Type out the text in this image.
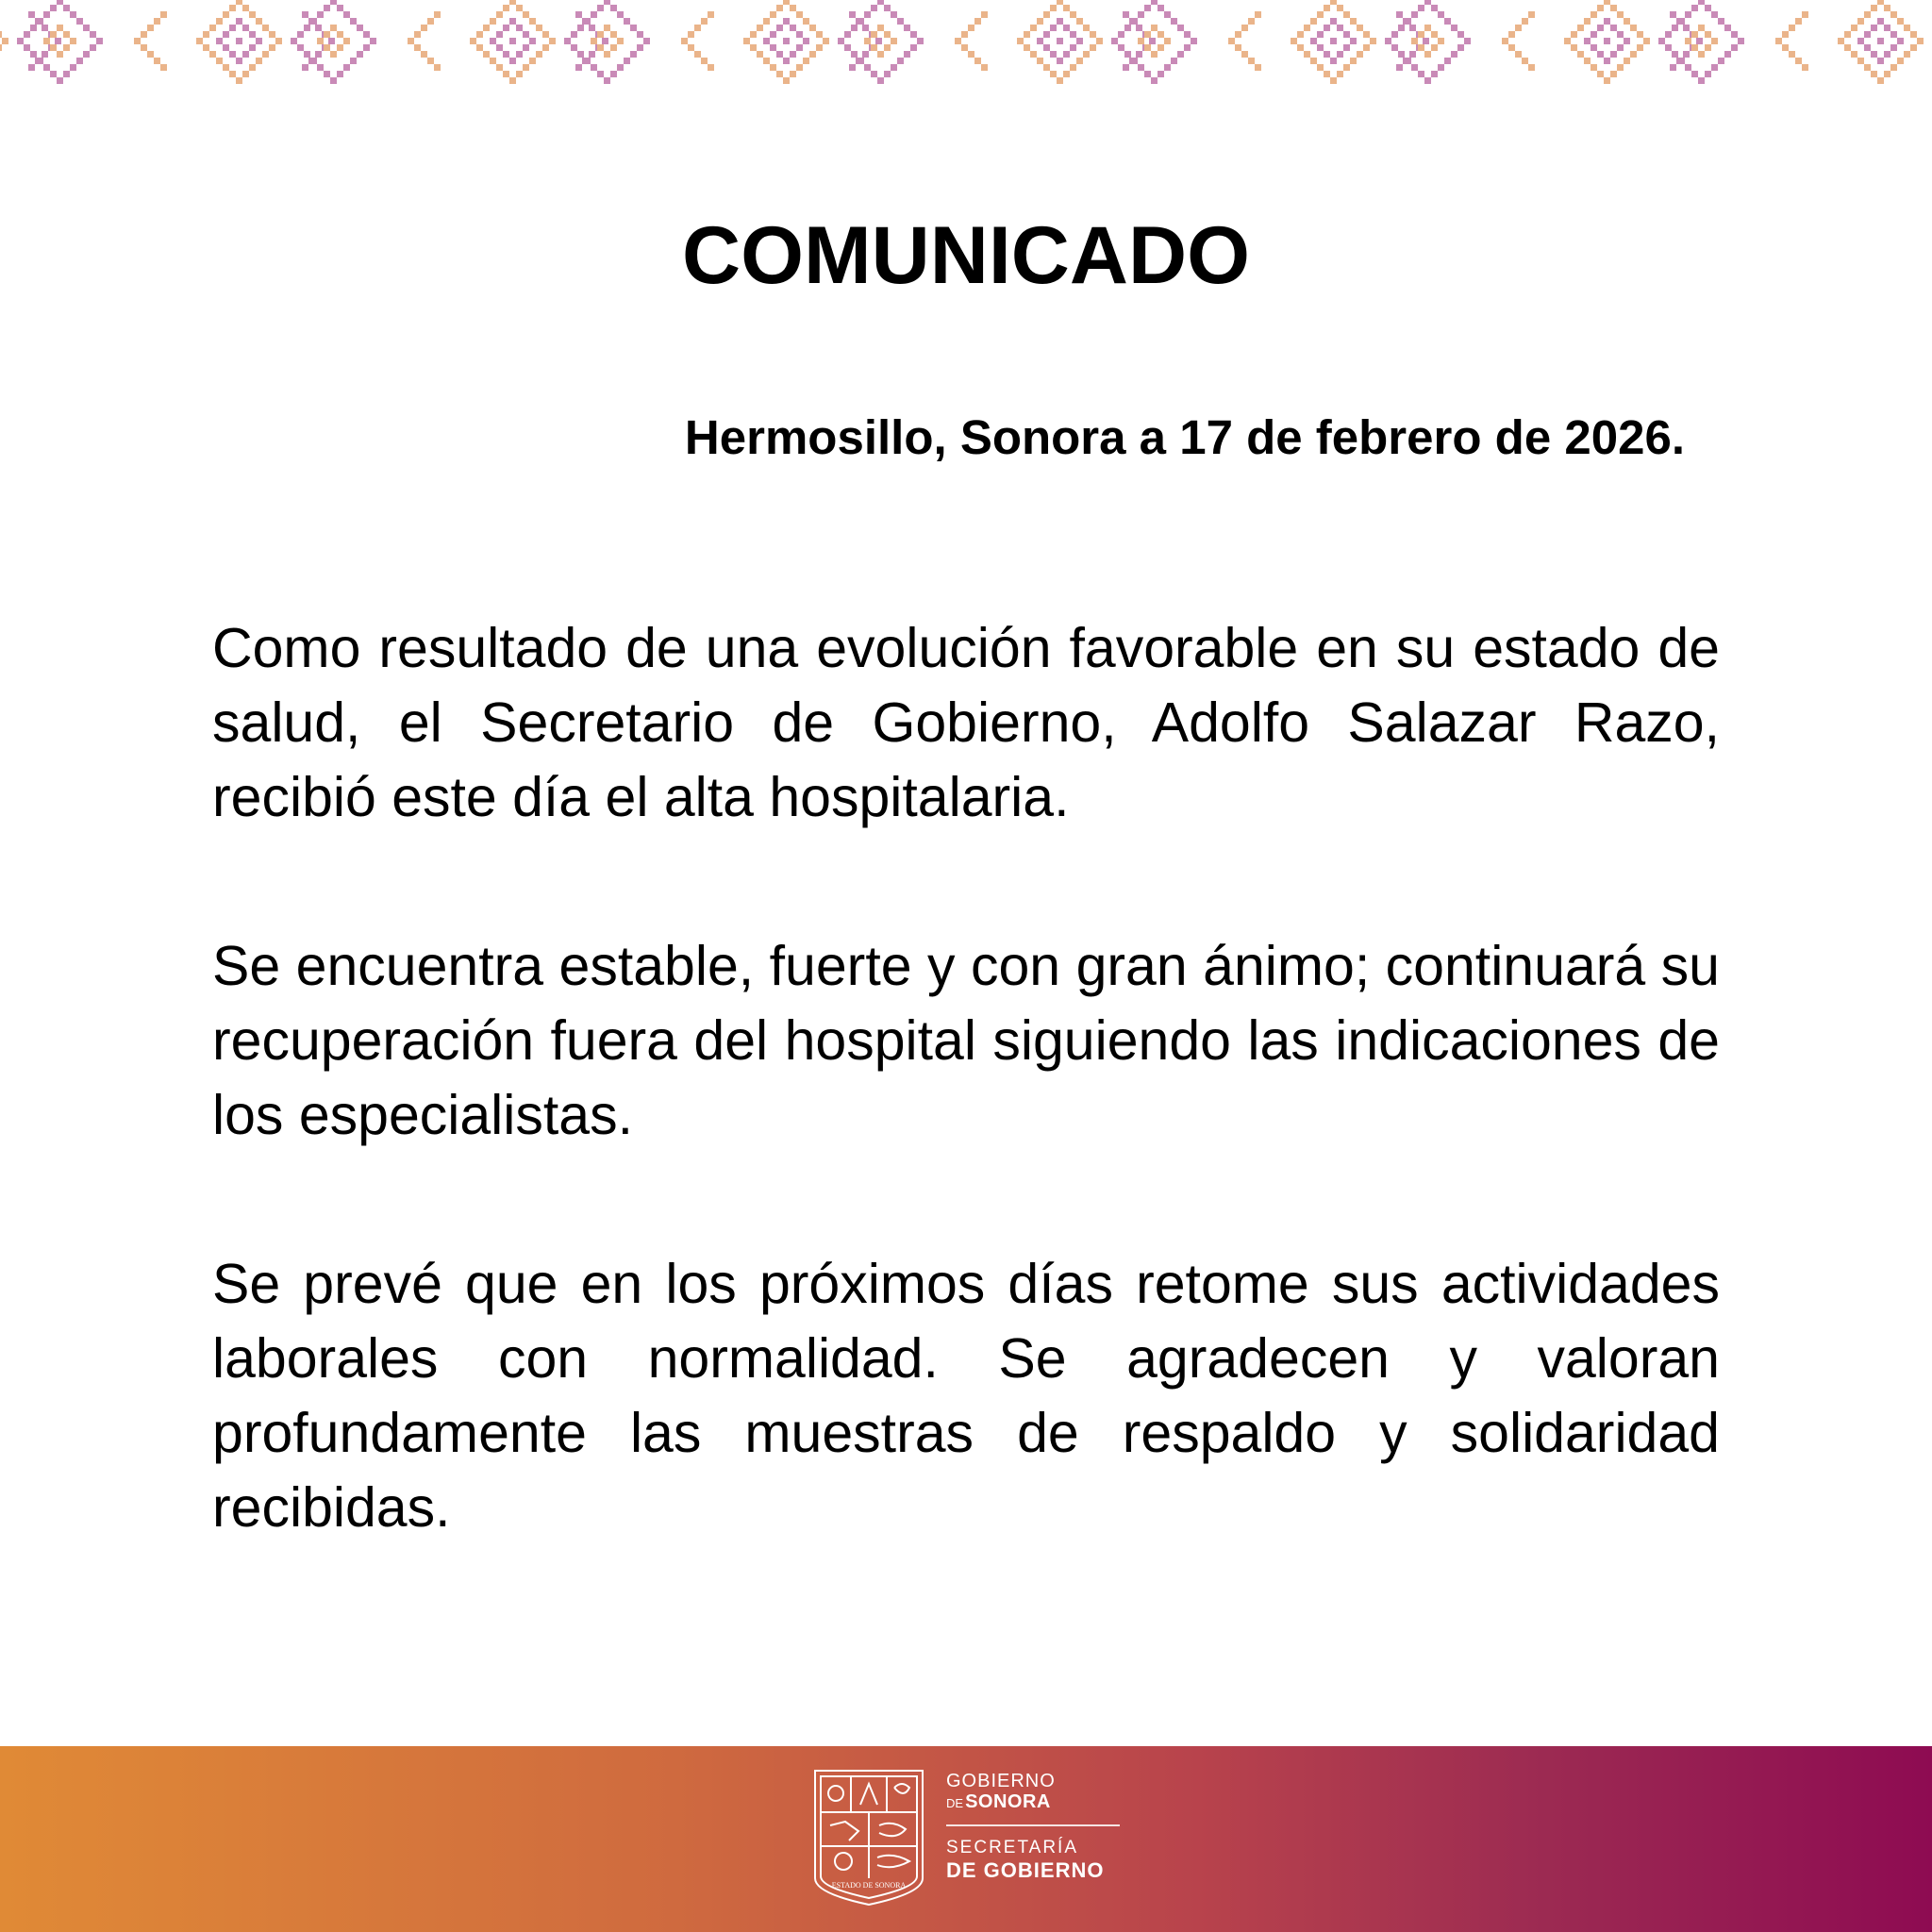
COMUNICADO
Hermosillo, Sonora a 17 de febrero de 2026.

Como resultado de una evolución favorable en su estado de salud, el Secretario de Gobierno, Adolfo Salazar Razo, recibió este día el alta hospitalaria.

Se encuentra estable, fuerte y con gran ánimo; continuará su recuperación fuera del hospital siguiendo las indicaciones de los especialistas.

Se prevé que en los próximos días retome sus actividades laborales con normalidad. Se agradecen y valoran profundamente las muestras de respaldo y solidaridad recibidas.

ESTADO DE SONORA
GOBIERNO
DE SONORA
SECRETARÍA
DE GOBIERNO
